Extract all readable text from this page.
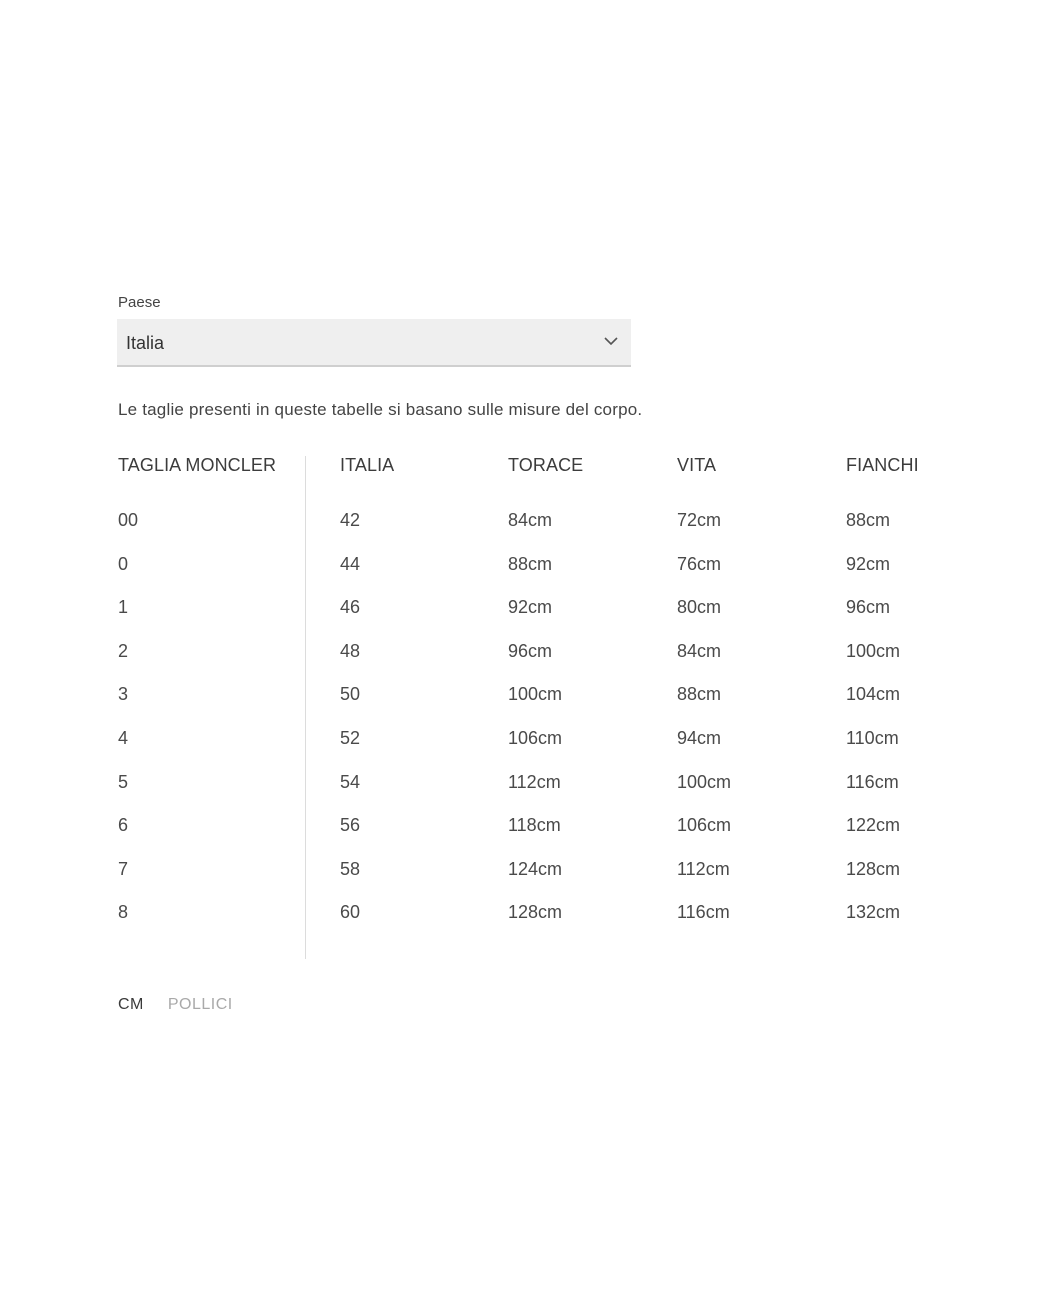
Paese
Italia
Le taglie presenti in queste tabelle si basano sulle misure del corpo.
TAGLIA MONCLER
00
0
1
2
3
4
5
6
7
8
ITALIA
42
44
46
48
50
52
54
56
58
60
TORACE
84cm
88cm
92cm
96cm
100cm
106cm
112cm
118cm
124cm
128cm
VITA
72cm
76cm
80cm
84cm
88cm
94cm
100cm
106cm
112cm
116cm
FIANCHI
88cm
92cm
96cm
100cm
104cm
110cm
116cm
122cm
128cm
132cm
CM POLLICI
